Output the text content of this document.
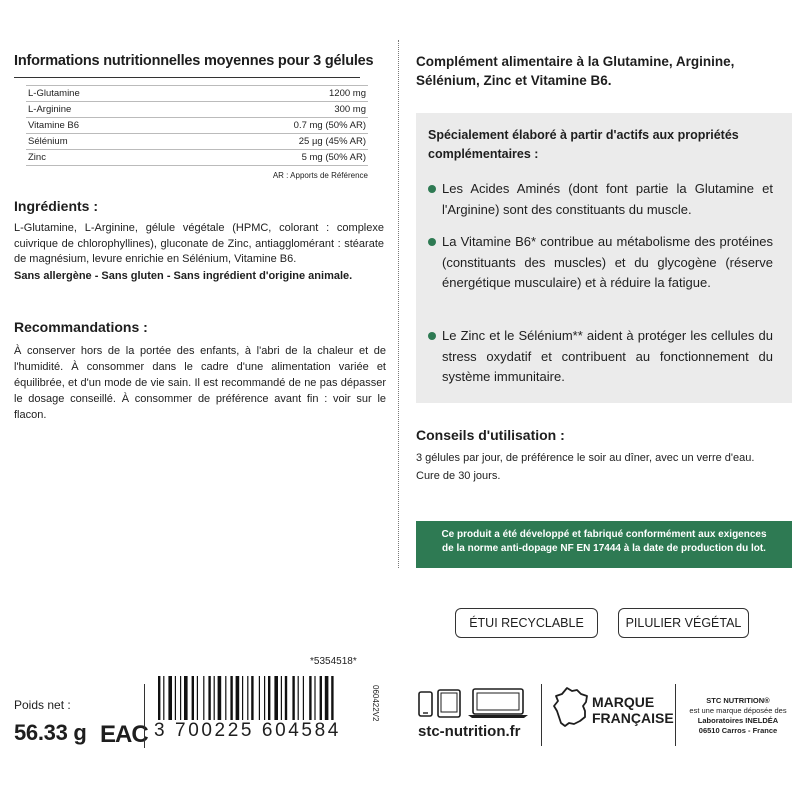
Informations nutritionnelles moyennes pour 3 gélules
L-Glutamine	1200 mg
L-Arginine	300 mg
Vitamine B6	0.7 mg (50% AR)
Sélénium	25 µg (45% AR)
Zinc	5 mg (50% AR)
AR : Apports de Référence
Ingrédients :
L-Glutamine, L-Arginine, gélule végétale (HPMC, colorant : complexe cuivrique de chlorophyllines), gluconate de Zinc, antiagglomérant : stéarate de magnésium, levure enrichie en Sélénium, Vitamine B6.
Sans allergène - Sans gluten - Sans ingrédient d'origine animale.
Recommandations :
À conserver hors de la portée des enfants, à l'abri de la chaleur et de l'humidité. À consommer dans le cadre d'une alimentation variée et équilibrée, et d'un mode de vie sain. Il est recommandé de ne pas dépasser le dosage conseillé. À consommer de préférence avant fin : voir sur le flacon.
Complément alimentaire à la Glutamine, Arginine, Sélénium, Zinc et Vitamine B6.
Spécialement élaboré à partir d'actifs aux propriétés complémentaires :
Les Acides Aminés (dont font partie la Glutamine et l'Arginine) sont des constituants du muscle.
La Vitamine B6* contribue au métabolisme des protéines (constituants des muscles) et du glycogène (réserve énergétique musculaire) et à réduire la fatigue.
Le Zinc et le Sélénium** aident à protéger les cellules du stress oxydatif et contribuent au fonctionnement du système immunitaire.
Conseils d'utilisation :
3 gélules par jour, de préférence le soir au dîner, avec un verre d'eau.
Cure de 30 jours.
Ce produit a été développé et fabriqué conformément aux exigences
de la norme anti-dopage NF EN 17444 à la date de production du lot.
ÉTUI RECYCLABLE	PILULIER VÉGÉTAL
*5354518*
Poids net :
56.33 g EAC 3 700225 604584
060422V2
stc-nutrition.fr
MARQUE
FRANÇAISE
STC NUTRITION®
est une marque déposée des
Laboratoires INELDÉA
06510 Carros - France
